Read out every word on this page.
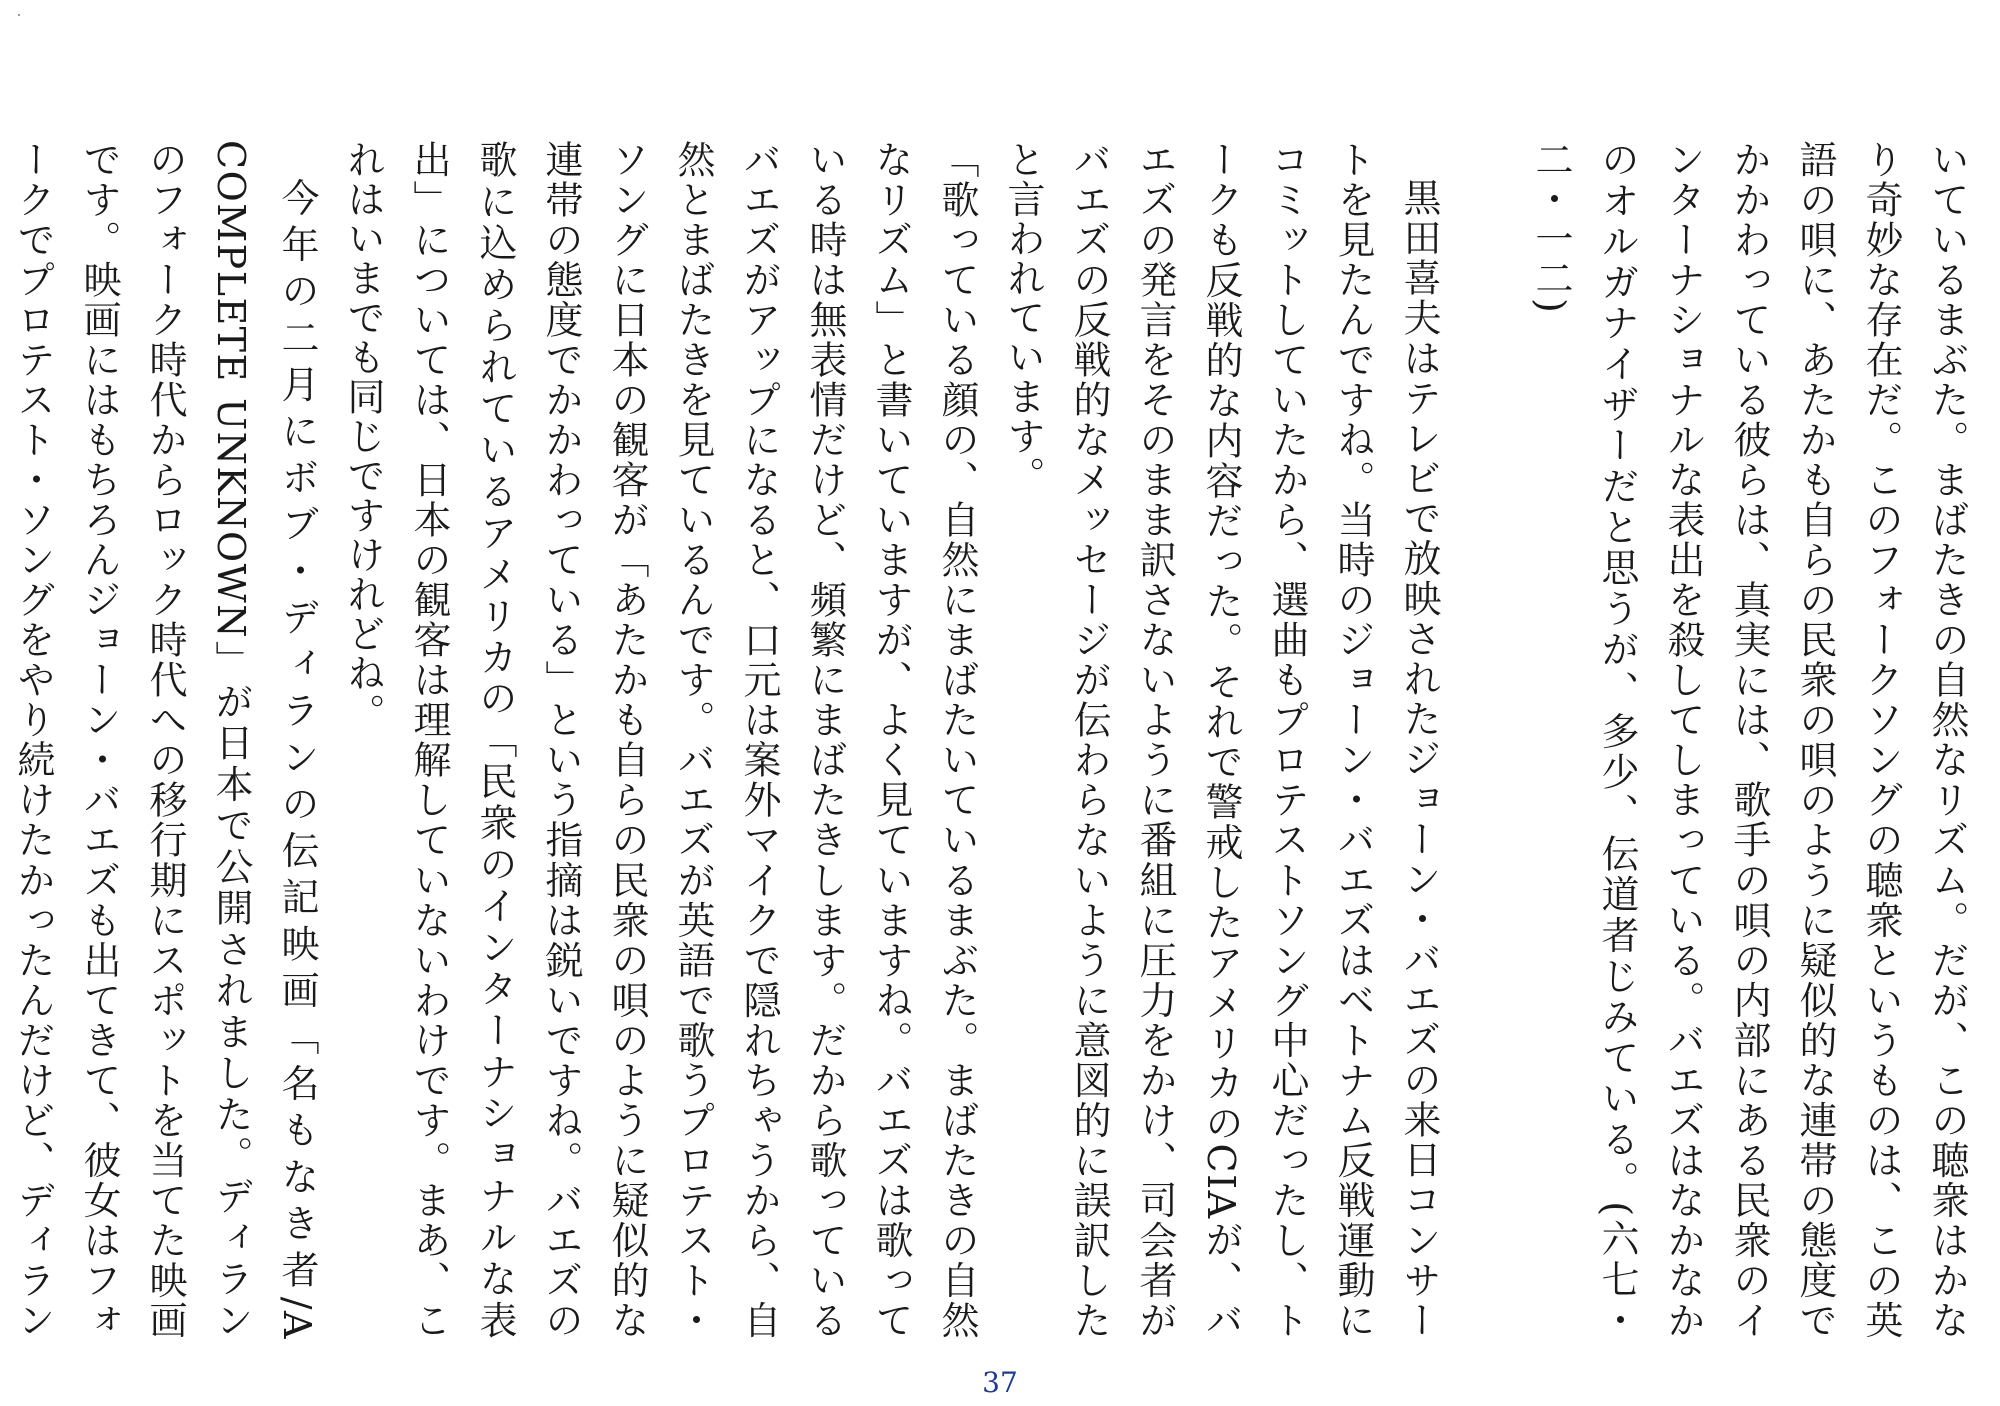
いているまぶた。まばたきの自然なリズム。だが、この聴衆はかなり奇妙な存在だ。このフォークソングの聴衆というものは、この英語の唄に、あたかも自らの民衆の唄のように疑似的な連帯の態度でかかわっている彼らは、真実には、歌手の唄の内部にある民衆のインターナショナルな表出を殺してしまっている。バエズはなかなかのオルガナイザーだと思うが、多少、伝道者じみている。(六七・二・一二)

黒田喜夫はテレビで放映されたジョーン・バエズの来日コンサートを見たんですね。当時のジョーン・バエズはベトナム反戦運動にコミットしていたから、選曲もプロテストソング中心だったし、トークも反戦的な内容だった。それで警戒したアメリカのCIAが、バエズの発言をそのまま訳さないように番組に圧力をかけ、司会者がバエズの反戦的なメッセージが伝わらないように意図的に誤訳したと言われています。

「歌っている顔の、自然にまばたいているまぶた。まばたきの自然なリズム」と書いていますが、よく見ていますね。バエズは歌っている時は無表情だけど、頻繁にまばたきします。だから歌っているバエズがアップになると、口元は案外マイクで隠れちゃうから、自然とまばたきを見ているんです。バエズが英語で歌うプロテスト・ソングに日本の観客が「あたかも自らの民衆の唄のように疑似的な連帯の態度でかかわっている」という指摘は鋭いですね。バエズの歌に込められているアメリカの「民衆のインターナショナルな表出」については、日本の観客は理解していないわけです。まあ、これはいまでも同じですけれどね。

今年の二月にボブ・ディランの伝記映画「名もなき者/A COMPLETE UNKNOWN」が日本で公開されました。ディランのフォーク時代からロック時代への移行期にスポットを当てた映画です。映画にはもちろんジョーン・バエズも出てきて、彼女はフォークでプロテスト・ソングをやり続けたかったんだけど、ディラン

37
